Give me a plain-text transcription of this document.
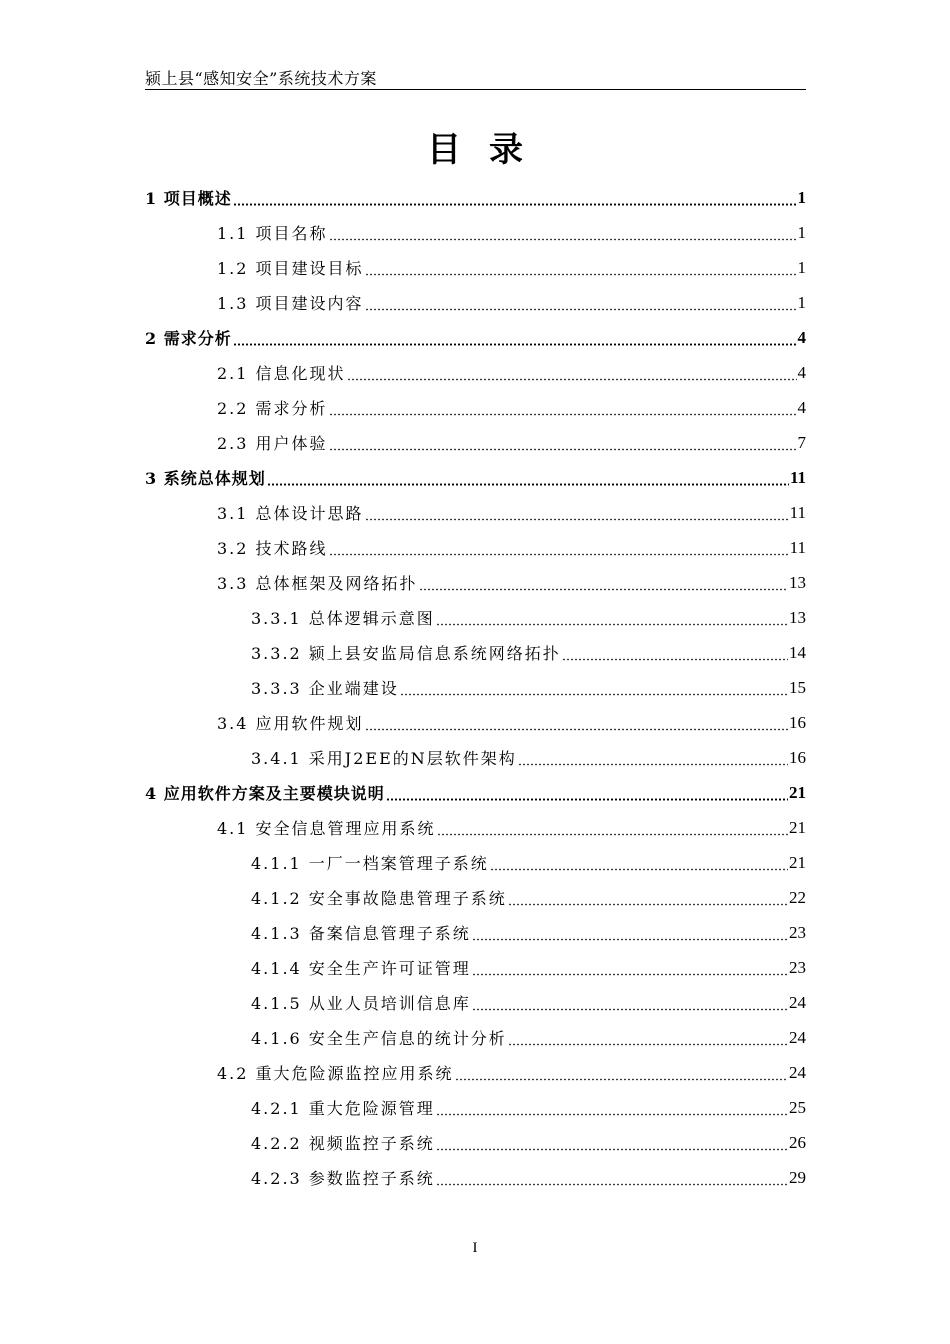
颍上县“感知安全”系统技术方案
目录
1 项目概述	1
1.1 项目名称	1
1.2 项目建设目标	1
1.3 项目建设内容	1
2 需求分析	4
2.1 信息化现状	4
2.2 需求分析	4
2.3 用户体验	7
3 系统总体规划	11
3.1 总体设计思路	11
3.2 技术路线	11
3.3 总体框架及网络拓扑	13
3.3.1 总体逻辑示意图	13
3.3.2 颍上县安监局信息系统网络拓扑	14
3.3.3 企业端建设	15
3.4 应用软件规划	16
3.4.1 采用J2EE的N层软件架构	16
4 应用软件方案及主要模块说明	21
4.1 安全信息管理应用系统	21
4.1.1 一厂一档案管理子系统	21
4.1.2 安全事故隐患管理子系统	22
4.1.3 备案信息管理子系统	23
4.1.4 安全生产许可证管理	23
4.1.5 从业人员培训信息库	24
4.1.6 安全生产信息的统计分析	24
4.2 重大危险源监控应用系统	24
4.2.1 重大危险源管理	25
4.2.2 视频监控子系统	26
4.2.3 参数监控子系统	29
I
